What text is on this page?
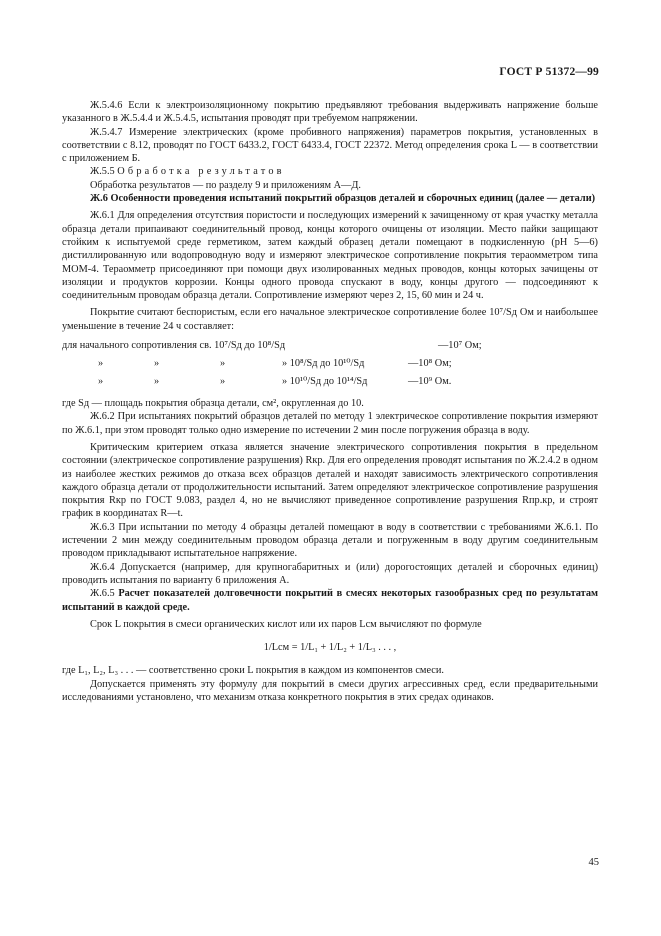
ГОСТ Р 51372—99

Ж.5.4.6 Если к электроизоляционному покрытию предъявляют требования выдерживать напряжение больше указанного в Ж.5.4.4 и Ж.5.4.5, испытания проводят при требуемом напряжении.

Ж.5.4.7 Измерение электрических (кроме пробивного напряжения) параметров покрытия, установленных в соответствии с 8.12, проводят по ГОСТ 6433.2, ГОСТ 6433.4, ГОСТ 22372. Метод определения срока L — в соответствии с приложением Б.

Ж.5.5 Обработка результатов

Обработка результатов — по разделу 9 и приложениям А—Д.

Ж.6 Особенности проведения испытаний покрытий образцов деталей и сборочных единиц (далее — детали)

Ж.6.1 Для определения отсутствия пористости и последующих измерений к зачищенному от края участку металла образца детали припаивают соединительный провод, концы которого очищены от изоляции. Место пайки защищают стойким к испытуемой среде герметиком, затем каждый образец детали помещают в подкисленную (pH 5—6) дистиллированную или водопроводную воду и измеряют электрическое сопротивление покрытия тераомметром типа МОМ-4. Тераомметр присоединяют при помощи двух изолированных медных проводов, концы которых зачищены от изоляции и продуктов коррозии. Концы одного провода спускают в воду, концы другого — подсоединяют к соединительным проводам образца детали. Сопротивление измеряют через 2, 15, 60 мин и 24 ч.

Покрытие считают беспористым, если его начальное электрическое сопротивление более 10⁷/Sд Ом и наибольшее уменьшение в течение 24 ч составляет:

для начального сопротивления св. 10⁷/Sд до 10⁸/Sд	—10⁷ Ом;
»	»	»	» 10⁸/Sд до 10¹⁰/Sд	—10⁸ Ом;
»	»	»	» 10¹⁰/Sд до 10¹⁴/Sд	—10⁹ Ом.

где Sд — площадь покрытия образца детали, см², округленная до 10.

Ж.6.2 При испытаниях покрытий образцов деталей по методу 1 электрическое сопротивление покрытия измеряют по Ж.6.1, при этом проводят только одно измерение по истечении 2 мин после погружения образца в воду.

Критическим критерием отказа является значение электрического сопротивления покрытия в предельном состоянии (электрическое сопротивление разрушения) Rкр. Для его определения проводят испытания по Ж.2.4.2 в одном из наиболее жестких режимов до отказа всех образцов деталей и находят зависимость электрического сопротивления каждого образца детали от продолжительности испытаний. Затем определяют электрическое сопротивление разрушения покрытия Rкр по ГОСТ 9.083, раздел 4, но не вычисляют приведенное сопротивление разрушения Rпр.кр, и строят график в координатах R—t.

Ж.6.3 При испытании по методу 4 образцы деталей помещают в воду в соответствии с требованиями Ж.6.1. По истечении 2 мин между соединительным проводом образца детали и погруженным в воду другим соединительным проводом прикладывают испытательное напряжение.

Ж.6.4 Допускается (например, для крупногабаритных и (или) дорогостоящих деталей и сборочных единиц) проводить испытания по варианту 6 приложения А.

Ж.6.5 Расчет показателей долговечности покрытий в смесях некоторых газообразных сред по результатам испытаний в каждой среде.

Срок L покрытия в смеси органических кислот или их паров Lсм вычисляют по формуле

1/Lсм = 1/L₁ + 1/L₂ + 1/L₃ . . . ,

где L₁, L₂, L₃ . . . — соответственно сроки L покрытия в каждом из компонентов смеси.

Допускается применять эту формулу для покрытий в смеси других агрессивных сред, если предварительными исследованиями установлено, что механизм отказа конкретного покрытия в этих средах одинаков.

45
